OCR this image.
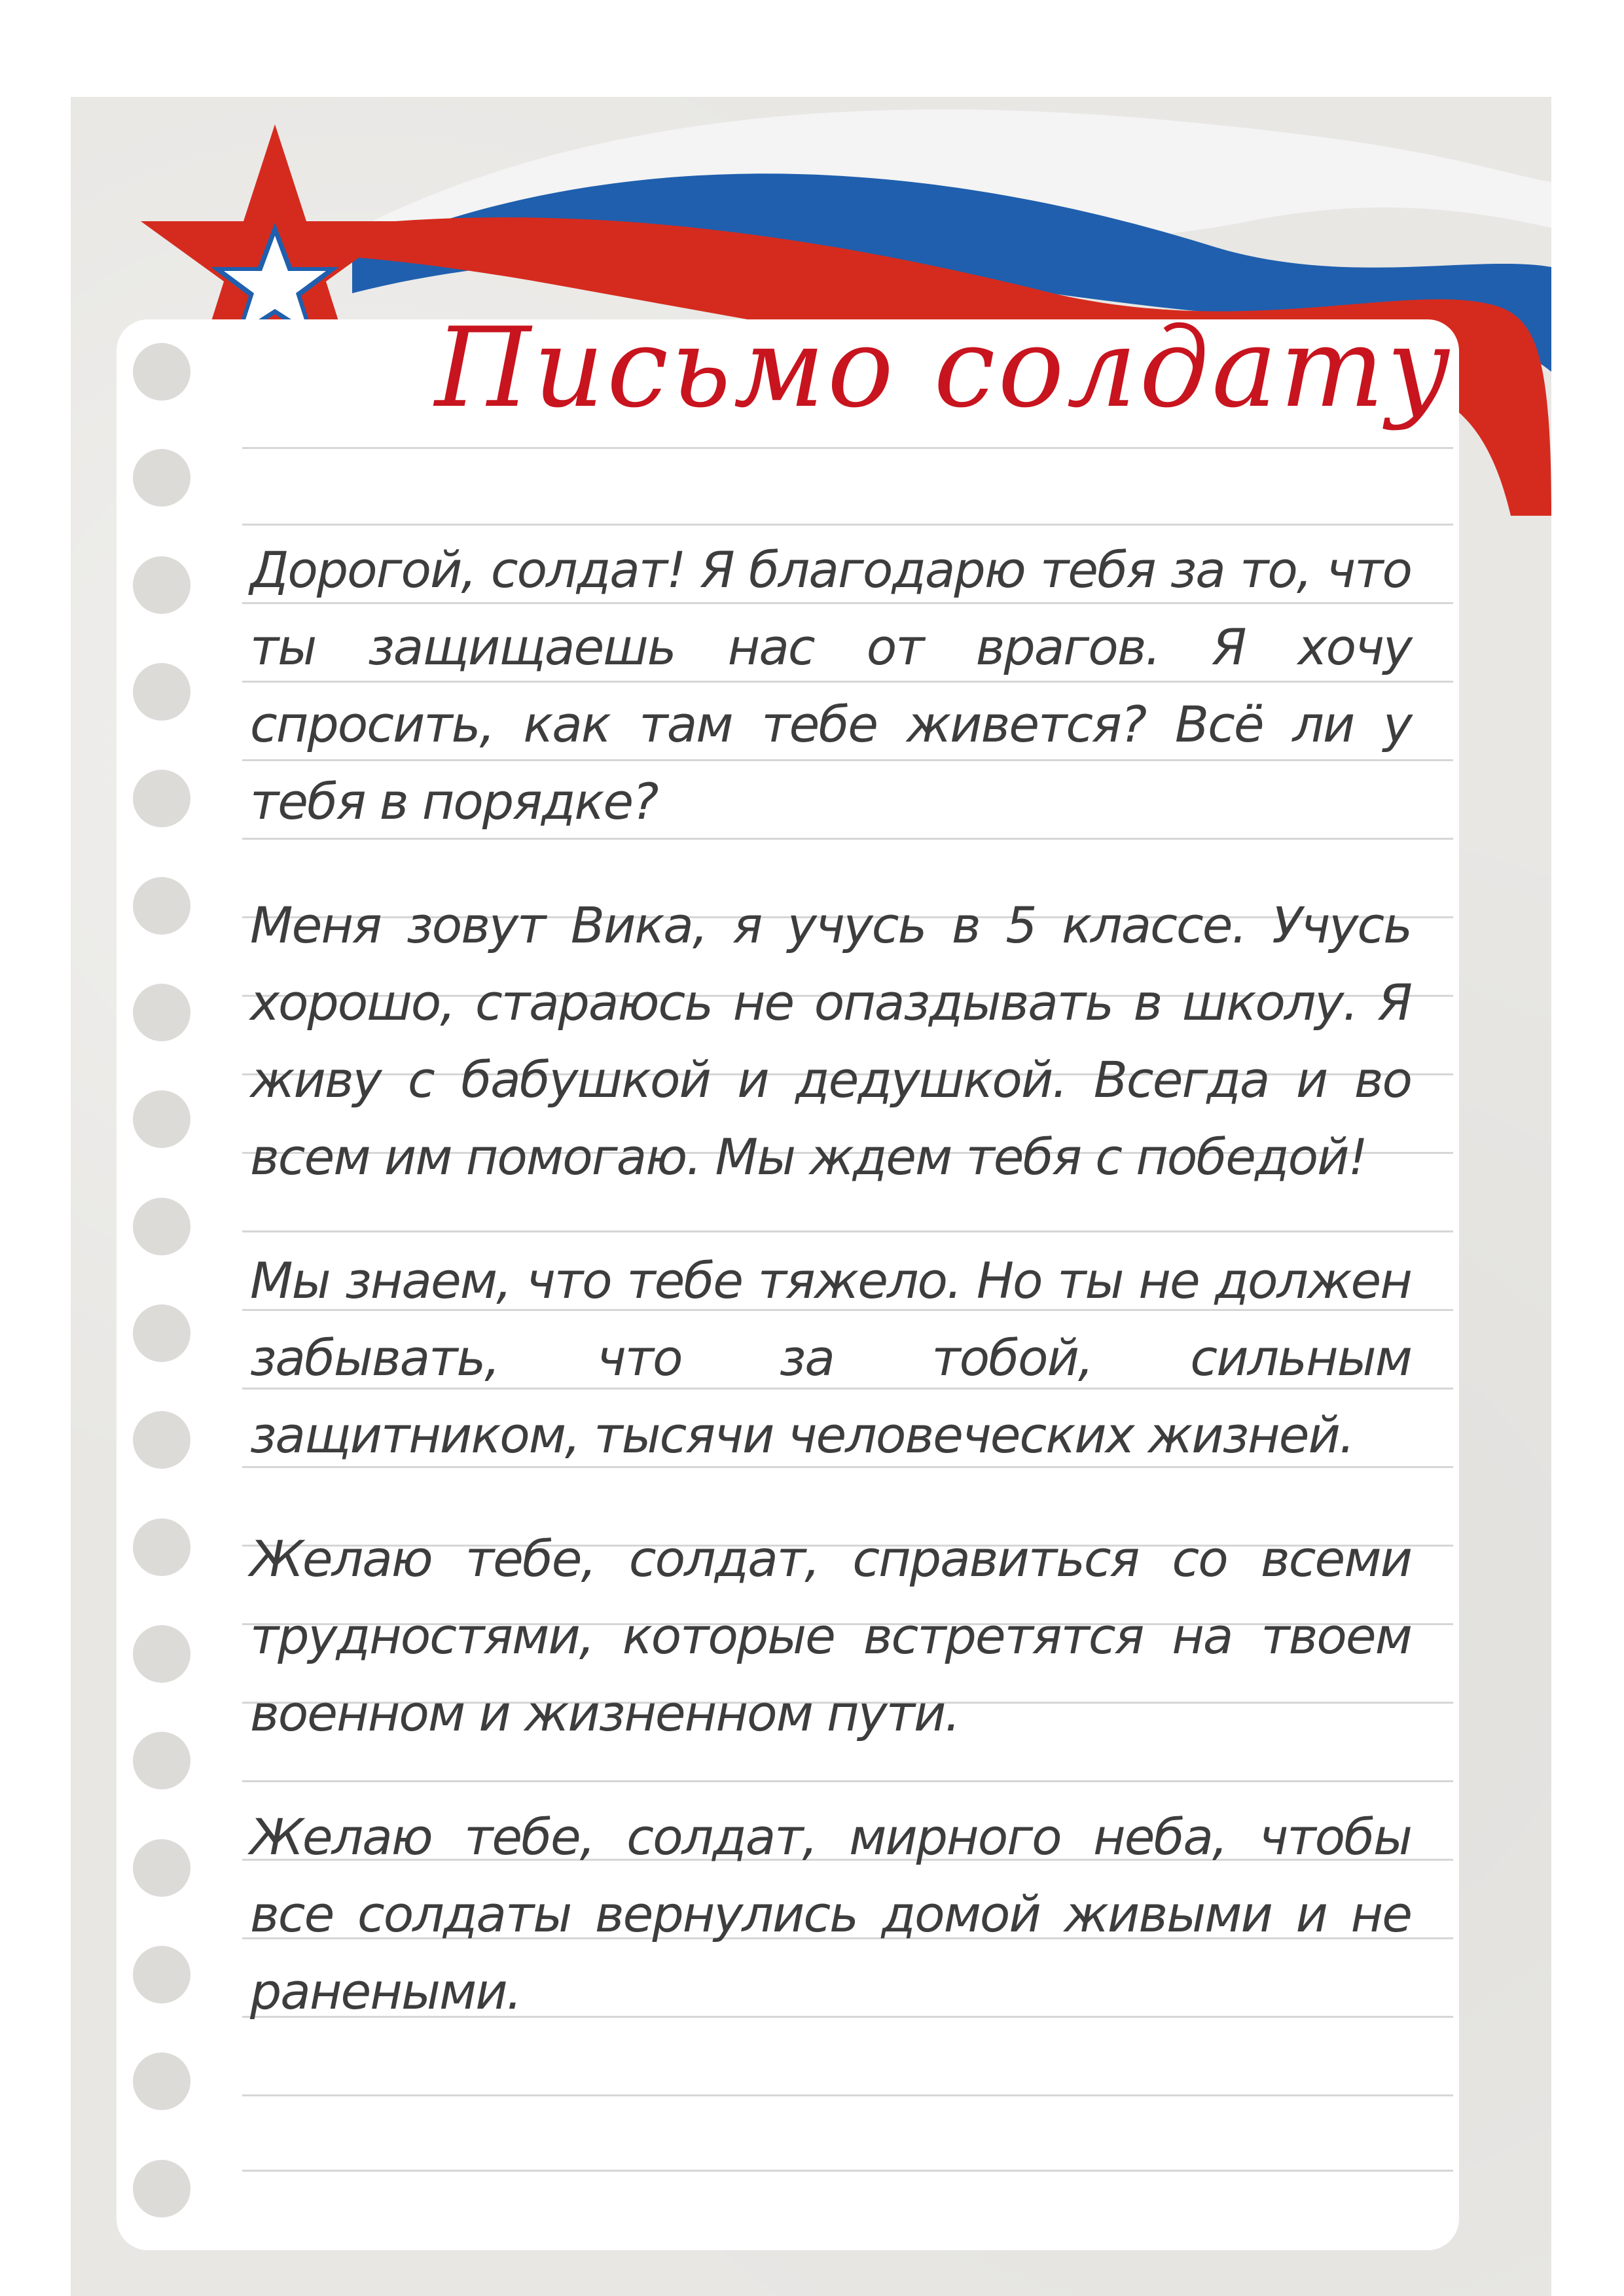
Письмо солдату

Дорогой, солдат! Я благодарю тебя за то, что ты защищаешь нас от врагов. Я хочу спросить, как там тебе живется? Всё ли у тебя в порядке?

Меня зовут Вика, я учусь в 5 классе. Учусь хорошо, стараюсь не опаздывать в школу. Я живу с бабушкой и дедушкой. Всегда и во всем им помогаю. Мы ждем тебя с победой!

Мы знаем, что тебе тяжело. Но ты не должен забывать, что за тобой, сильным защитником, тысячи человеческих жизней.

Желаю тебе, солдат, справиться со всеми трудностями, которые встретятся на твоем военном и жизненном пути.

Желаю тебе, солдат, мирного неба, чтобы все солдаты вернулись домой живыми и не ранеными.
